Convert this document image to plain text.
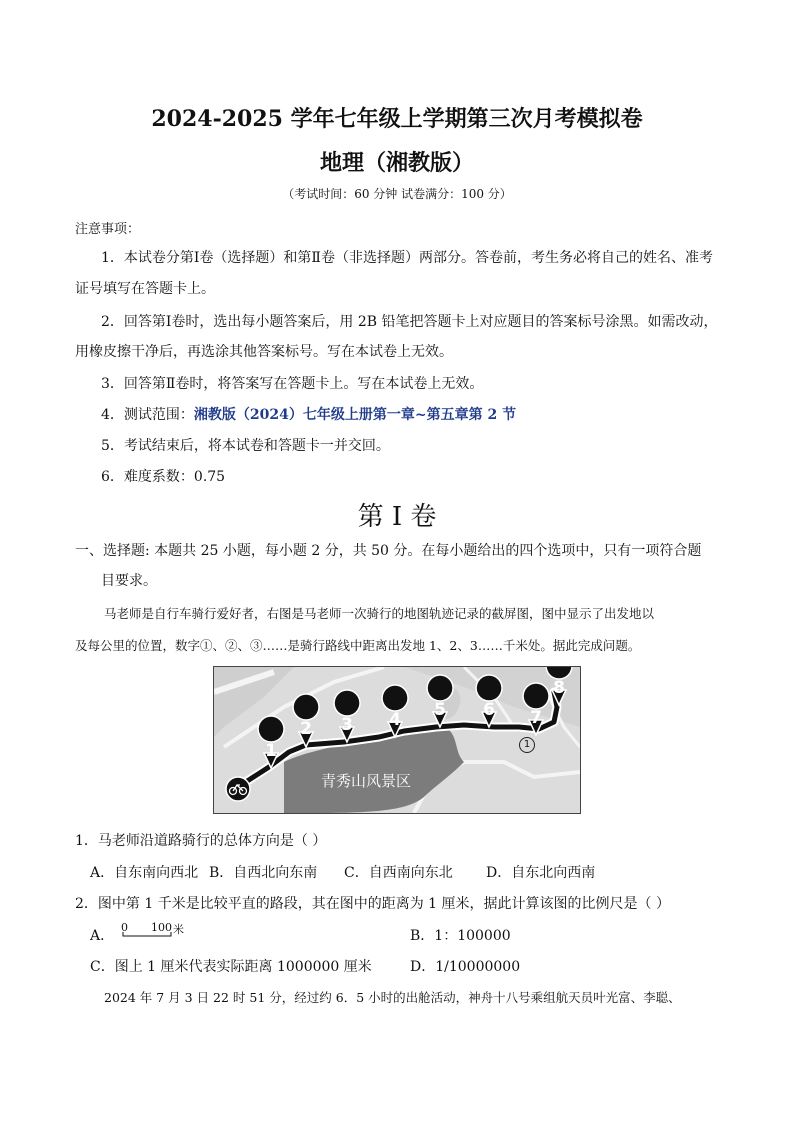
2024-2025 学年七年级上学期第三次月考模拟卷
地理（湘教版）
（考试时间：60 分钟 试卷满分：100 分）
注意事项：
1．本试卷分第Ⅰ卷（选择题）和第Ⅱ卷（非选择题）两部分。答卷前，考生务必将自己的姓名、准考
证号填写在答题卡上。
2．回答第Ⅰ卷时，选出每小题答案后，用 2B 铅笔把答题卡上对应题目的答案标号涂黑。如需改动，
用橡皮擦干净后，再选涂其他答案标号。写在本试卷上无效。
3．回答第Ⅱ卷时，将答案写在答题卡上。写在本试卷上无效。
4．测试范围：湘教版（2024）七年级上册第一章~第五章第 2 节
5．考试结束后，将本试卷和答题卡一并交回。
6．难度系数：0.75
第 I 卷
一、选择题: 本题共 25 小题，每小题 2 分，共 50 分。在每小题给出的四个选项中，只有一项符合题
目要求。
马老师是自行车骑行爱好者，右图是马老师一次骑行的地图轨迹记录的截屏图，图中显示了出发地以
及每公里的位置，数字①、②、③……是骑行路线中距离出发地 1、2、3……千米处。据此完成问题。
1
2	3	4	5	6	7
8
1
青秀山风景区
1．马老师沿道路骑行的总体方向是（ ）
A．自东南向西北 B．自西北向东南 C．自西南向东北 D．自东北向西南
2．图中第 1 千米是比较平直的路段，其在图中的距离为 1 厘米，据此计算该图的比例尺是（ ）
A．
0 100 米	B．1：100000
C．图上 1 厘米代表实际距离 1000000 厘米	D．1/10000000
2024 年 7 月 3 日 22 时 51 分，经过约 6．5 小时的出舱活动，神舟十八号乘组航天员叶光富、李聪、
